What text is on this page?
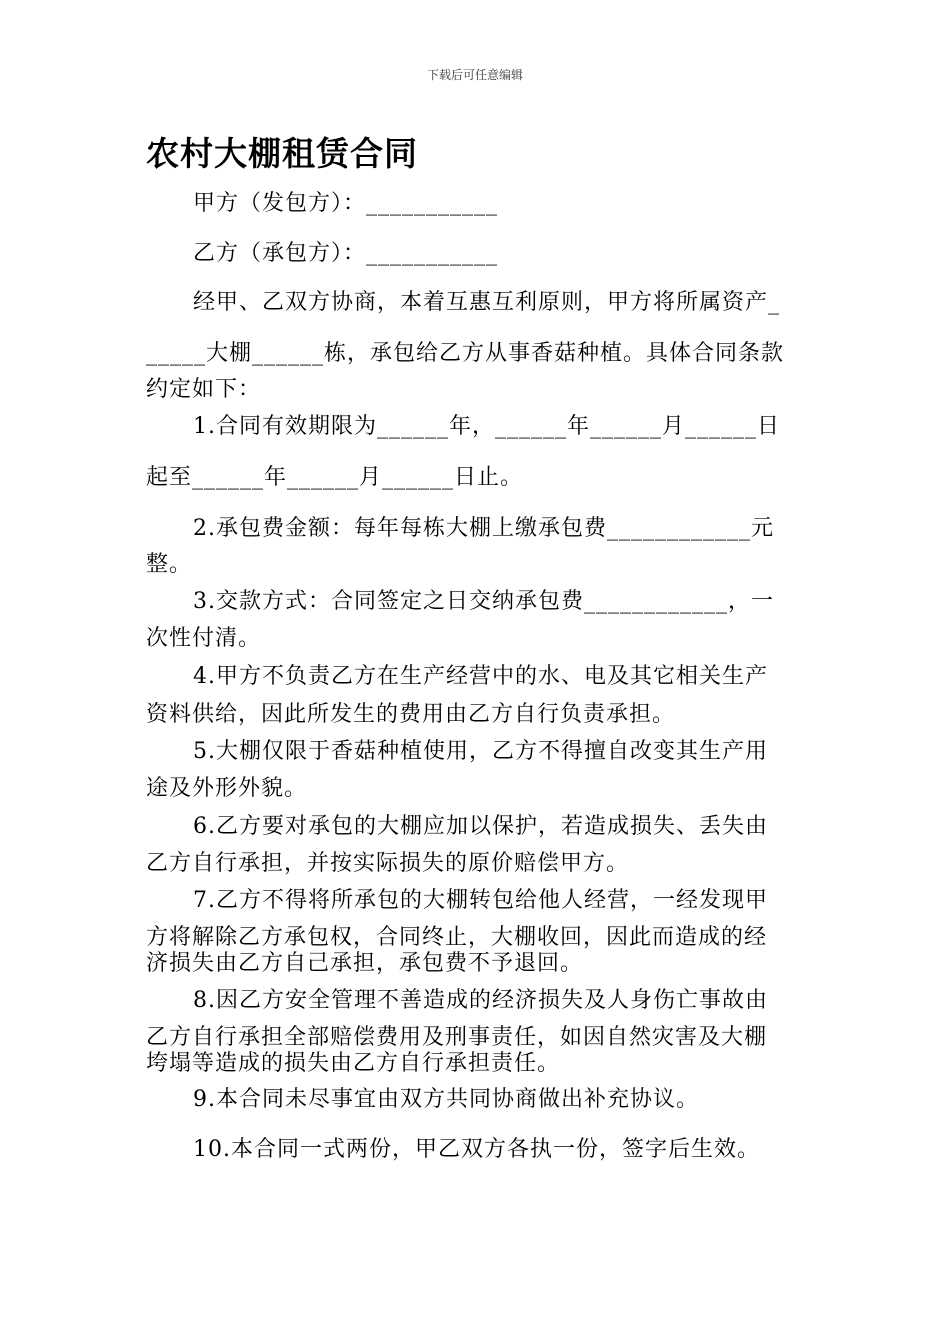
下载后可任意编辑
农村大棚租赁合同
甲方（发包方）：___________
乙方（承包方）：___________
经甲、乙双方协商，本着互惠互利原则，甲方将所属资产_
_____大棚______栋，承包给乙方从事香菇种植。具体合同条款
约定如下：
1.合同有效期限为______年，______年______月______日
起至______年______月______日止。
2.承包费金额：每年每栋大棚上缴承包费____________元
整。
3.交款方式：合同签定之日交纳承包费____________，一
次性付清。
4.甲方不负责乙方在生产经营中的水、电及其它相关生产
资料供给，因此所发生的费用由乙方自行负责承担。
5.大棚仅限于香菇种植使用，乙方不得擅自改变其生产用
途及外形外貌。
6.乙方要对承包的大棚应加以保护，若造成损失、丢失由
乙方自行承担，并按实际损失的原价赔偿甲方。
7.乙方不得将所承包的大棚转包给他人经营，一经发现甲
方将解除乙方承包权，合同终止，大棚收回，因此而造成的经
济损失由乙方自己承担，承包费不予退回。
8.因乙方安全管理不善造成的经济损失及人身伤亡事故由
乙方自行承担全部赔偿费用及刑事责任，如因自然灾害及大棚
垮塌等造成的损失由乙方自行承担责任。
9.本合同未尽事宜由双方共同协商做出补充协议。
10.本合同一式两份，甲乙双方各执一份，签字后生效。
